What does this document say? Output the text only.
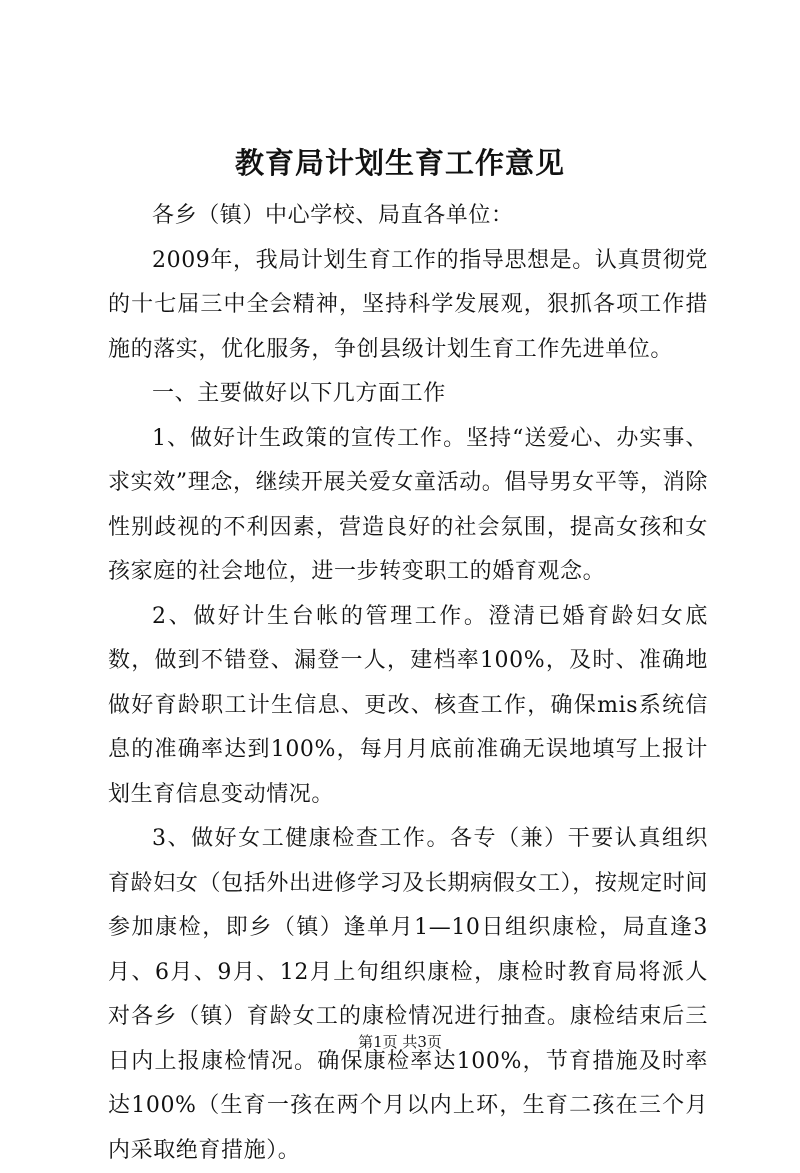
教育局计划生育工作意见

各乡（镇）中心学校、局直各单位：

2009年，我局计划生育工作的指导思想是。认真贯彻党的十七届三中全会精神，坚持科学发展观，狠抓各项工作措施的落实，优化服务，争创县级计划生育工作先进单位。

一、主要做好以下几方面工作

1、做好计生政策的宣传工作。坚持“送爱心、办实事、求实效”理念，继续开展关爱女童活动。倡导男女平等，消除性别歧视的不利因素，营造良好的社会氛围，提高女孩和女孩家庭的社会地位，进一步转变职工的婚育观念。

2、做好计生台帐的管理工作。澄清已婚育龄妇女底数，做到不错登、漏登一人，建档率100%，及时、准确地做好育龄职工计生信息、更改、核查工作，确保mis系统信息的准确率达到100%，每月月底前准确无误地填写上报计划生育信息变动情况。

3、做好女工健康检查工作。各专（兼）干要认真组织育龄妇女（包括外出进修学习及长期病假女工），按规定时间参加康检，即乡（镇）逢单月1—10日组织康检，局直逢3月、6月、9月、12月上旬组织康检，康检时教育局将派人对各乡（镇）育龄女工的康检情况进行抽查。康检结束后三日内上报康检情况。确保康检率达100%，节育措施及时率达100%（生育一孩在两个月以内上环，生育二孩在三个月内采取绝育措施）。

第1页 共3页
